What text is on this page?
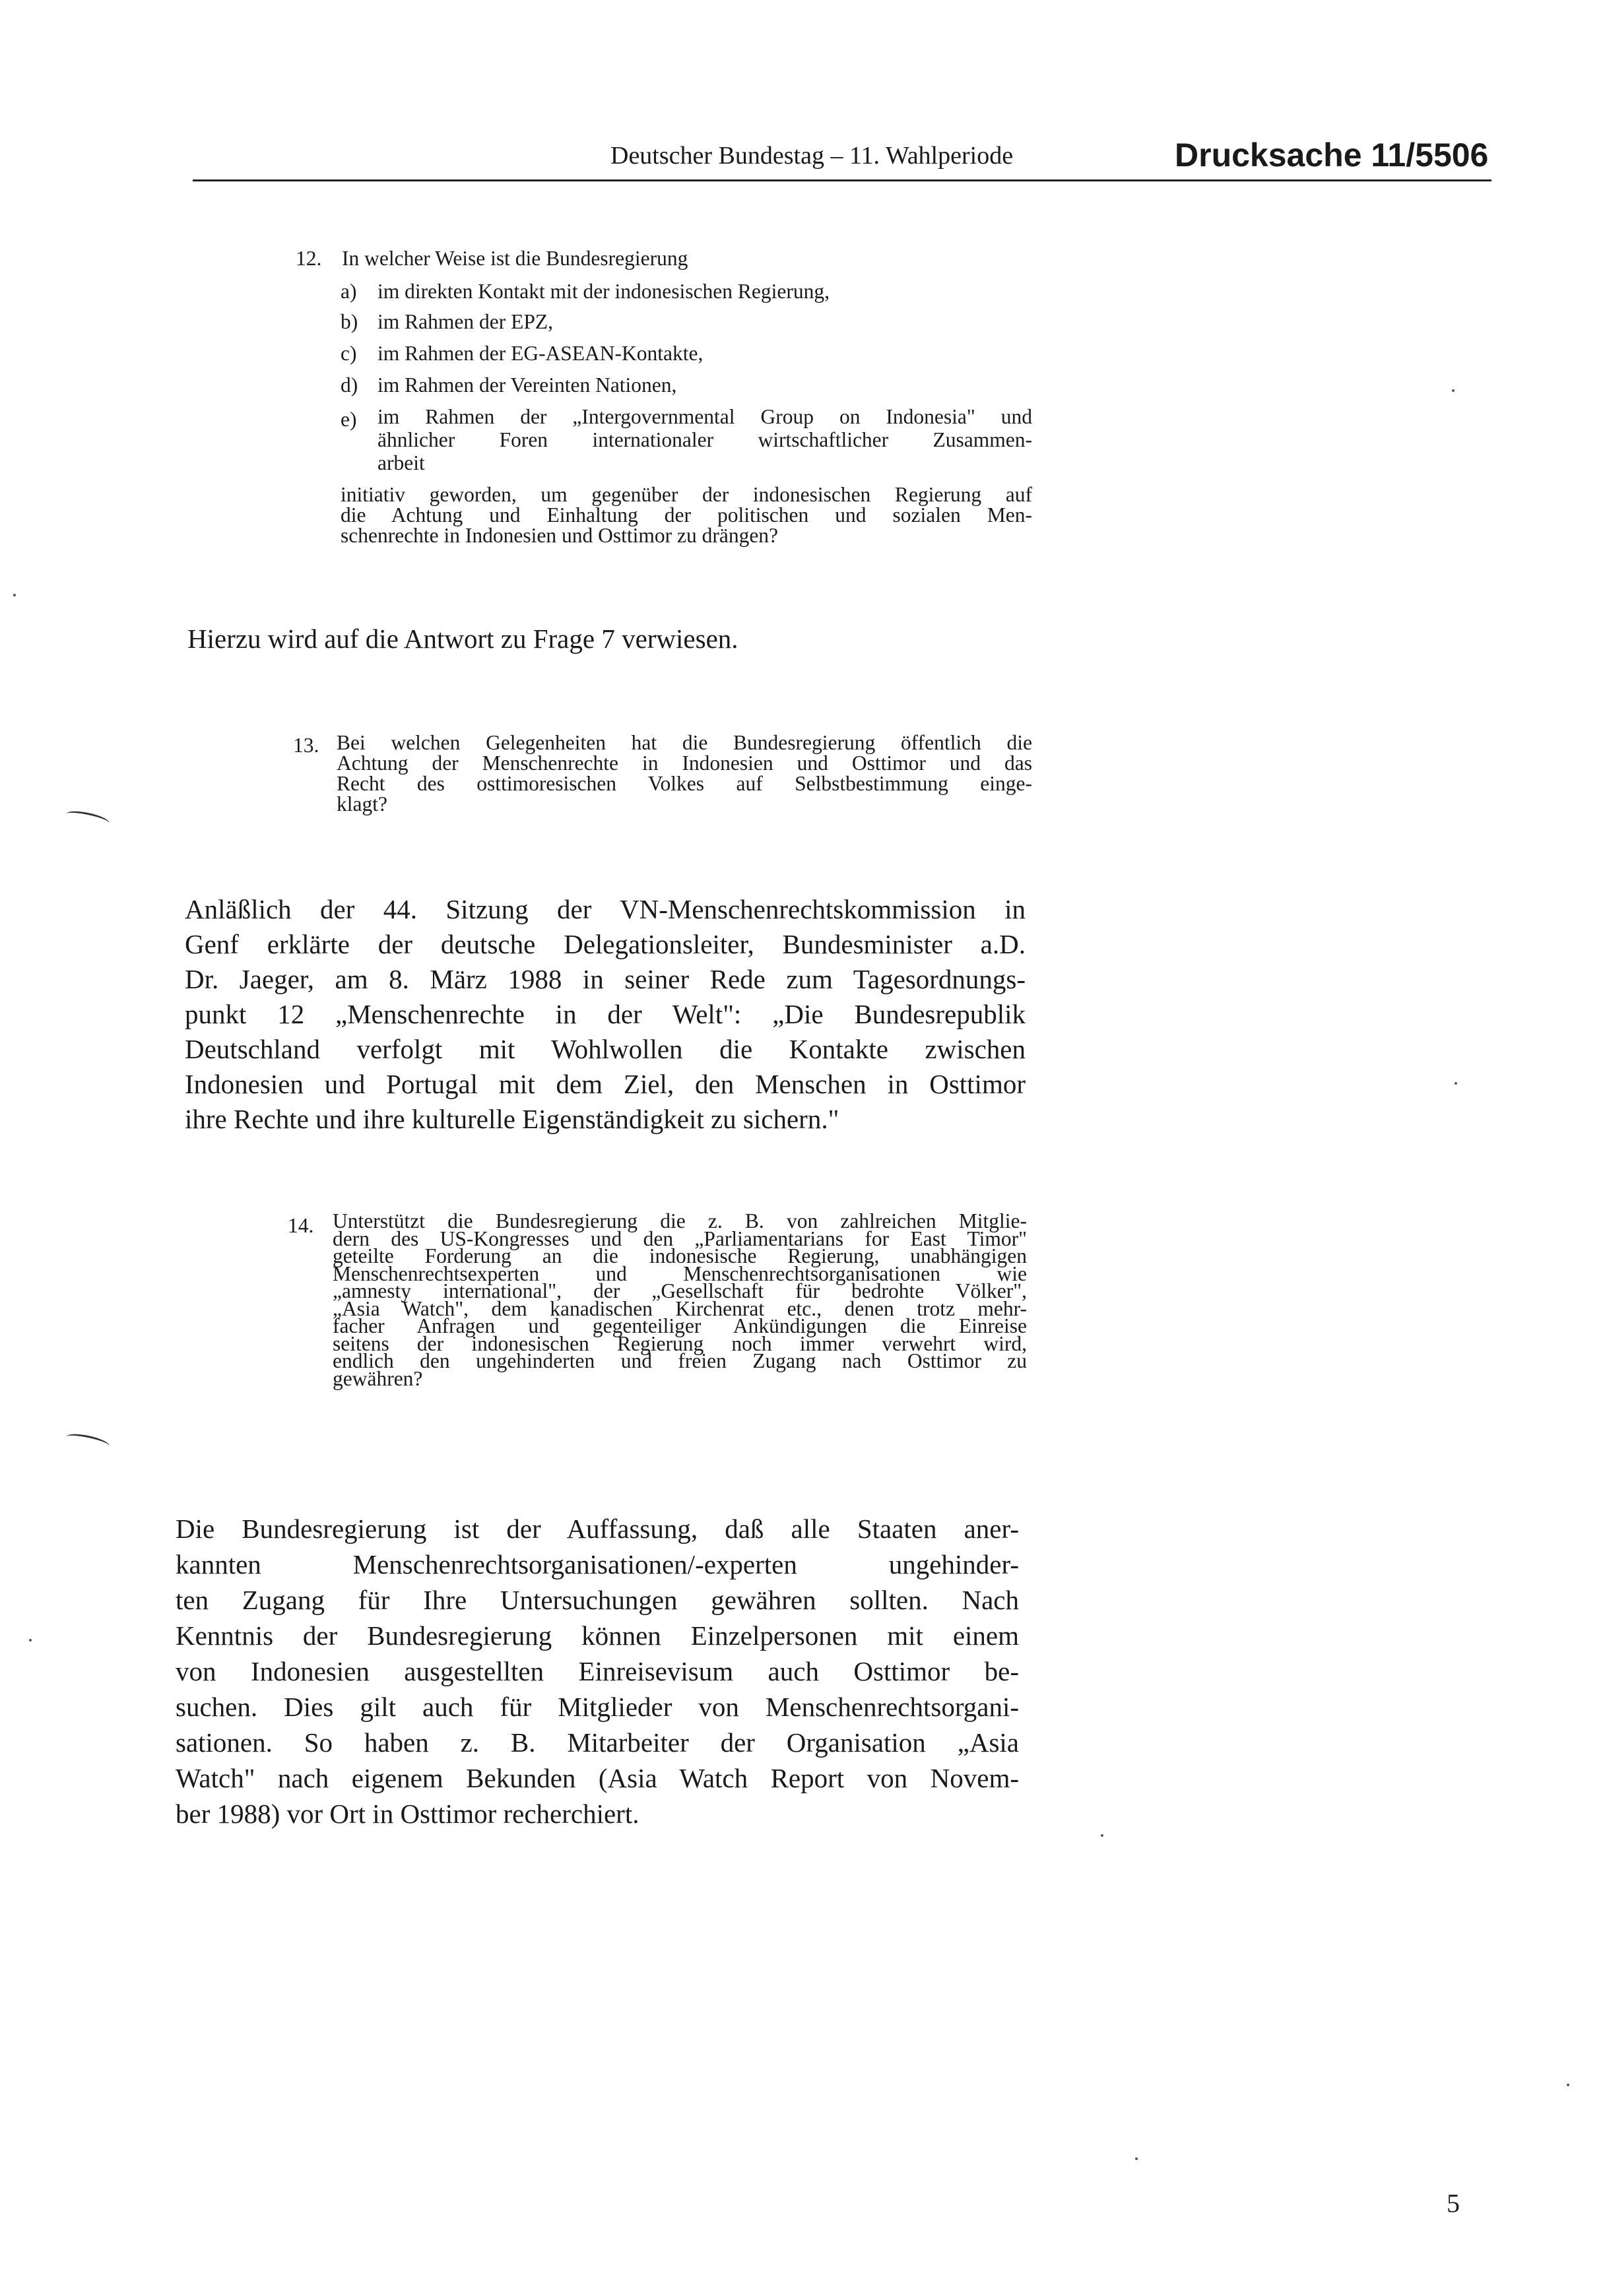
Deutscher Bundestag – 11. Wahlperiode	Drucksache 11/5506
12. In welcher Weise ist die Bundesregierung
a) im direkten Kontakt mit der indonesischen Regierung,
b) im Rahmen der EPZ,
c) im Rahmen der EG-ASEAN-Kontakte,
d) im Rahmen der Vereinten Nationen,
e) im Rahmen der „Intergovernmental Group on Indonesia" und
ähnlicher Foren internationaler wirtschaftlicher Zusammen-
arbeit
initiativ geworden, um gegenüber der indonesischen Regierung auf
die Achtung und Einhaltung der politischen und sozialen Men-
schenrechte in Indonesien und Osttimor zu drängen?
Hierzu wird auf die Antwort zu Frage 7 verwiesen.
13. Bei welchen Gelegenheiten hat die Bundesregierung öffentlich die
Achtung der Menschenrechte in Indonesien und Osttimor und das
Recht des osttimoresischen Volkes auf Selbstbestimmung einge-
klagt?
Anläßlich der 44. Sitzung der VN-Menschenrechtskommission in
Genf erklärte der deutsche Delegationsleiter, Bundesminister a.D.
Dr. Jaeger, am 8. März 1988 in seiner Rede zum Tagesordnungs-
punkt 12 „Menschenrechte in der Welt": „Die Bundesrepublik
Deutschland verfolgt mit Wohlwollen die Kontakte zwischen
Indonesien und Portugal mit dem Ziel, den Menschen in Osttimor
ihre Rechte und ihre kulturelle Eigenständigkeit zu sichern."
14. Unterstützt die Bundesregierung die z. B. von zahlreichen Mitglie-
dern des US-Kongresses und den „Parliamentarians for East Timor"
geteilte Forderung an die indonesische Regierung, unabhängigen
Menschenrechtsexperten und Menschenrechtsorganisationen wie
„amnesty international", der „Gesellschaft für bedrohte Völker",
„Asia Watch", dem kanadischen Kirchenrat etc., denen trotz mehr-
facher Anfragen und gegenteiliger Ankündigungen die Einreise
seitens der indonesischen Regierung noch immer verwehrt wird,
endlich den ungehinderten und freien Zugang nach Osttimor zu
gewähren?
Die Bundesregierung ist der Auffassung, daß alle Staaten aner-
kannten Menschenrechtsorganisationen/-experten ungehinder-
ten Zugang für Ihre Untersuchungen gewähren sollten. Nach
Kenntnis der Bundesregierung können Einzelpersonen mit einem
von Indonesien ausgestellten Einreisevisum auch Osttimor be-
suchen. Dies gilt auch für Mitglieder von Menschenrechtsorgani-
sationen. So haben z. B. Mitarbeiter der Organisation „Asia
Watch" nach eigenem Bekunden (Asia Watch Report von Novem-
ber 1988) vor Ort in Osttimor recherchiert.
5
